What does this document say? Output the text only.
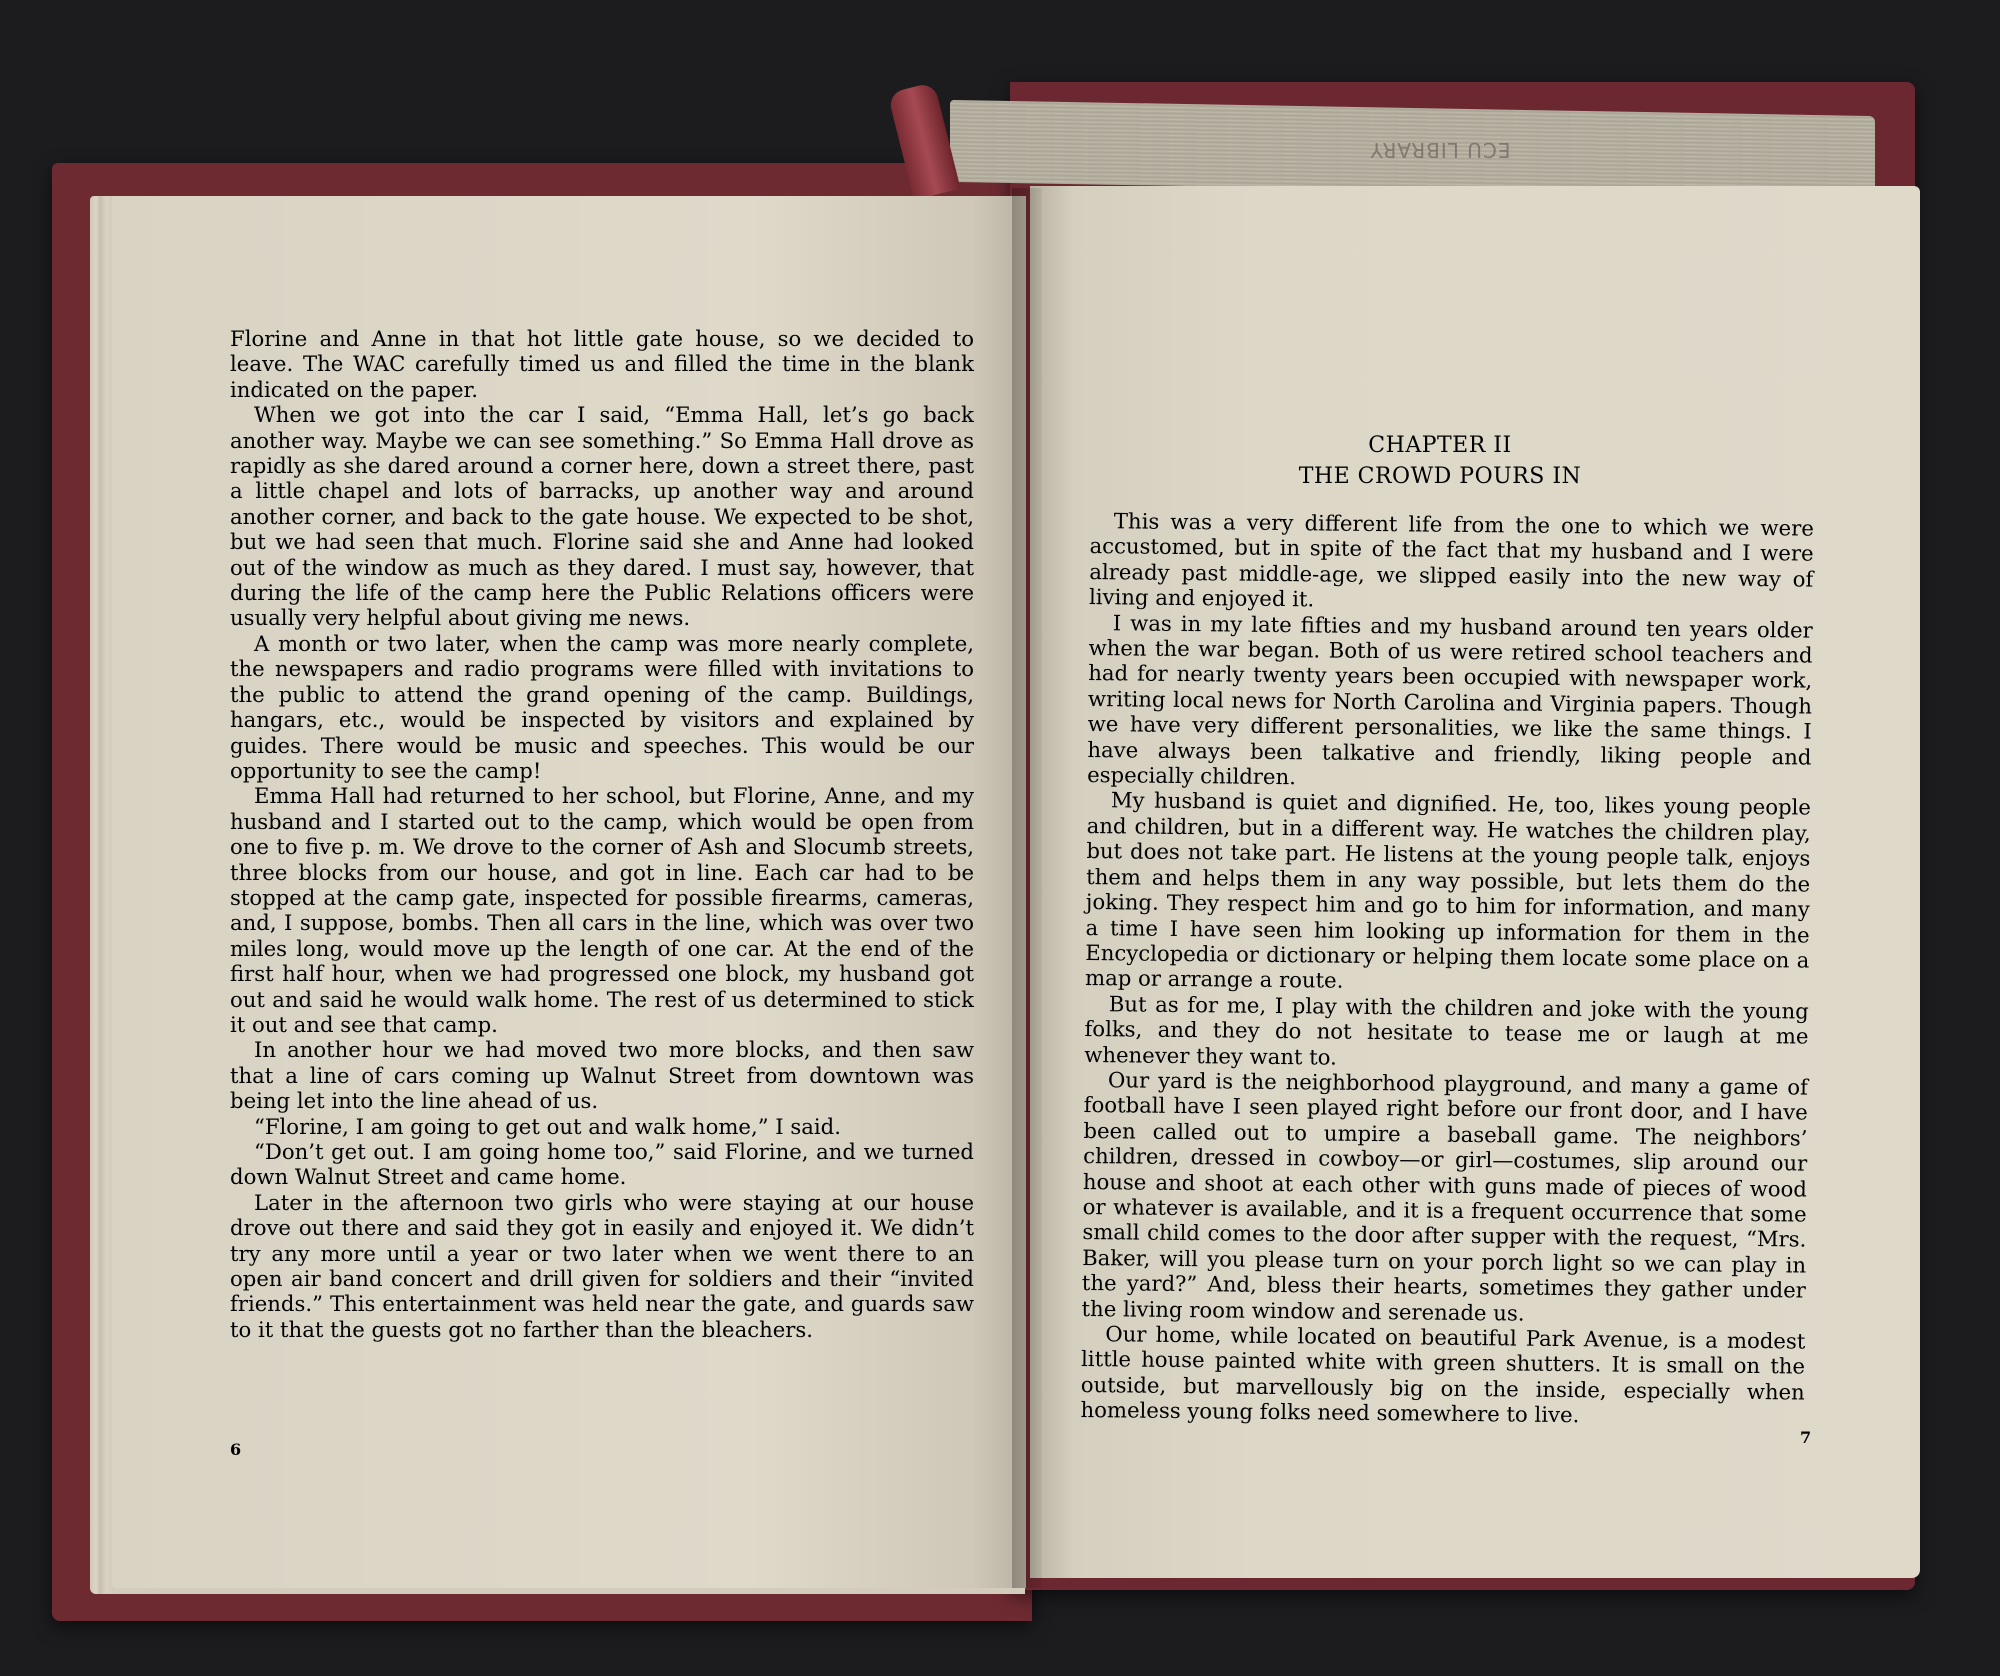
ECU LIBRARY

Florine and Anne in that hot little gate house, so we decided to leave. The WAC carefully timed us and filled the time in the blank indicated on the paper.

When we got into the car I said, “Emma Hall, let’s go back another way. Maybe we can see something.” So Emma Hall drove as rapidly as she dared around a corner here, down a street there, past a little chapel and lots of barracks, up another way and around another corner, and back to the gate house. We expected to be shot, but we had seen that much. Florine said she and Anne had looked out of the window as much as they dared. I must say, however, that during the life of the camp here the Public Relations officers were usually very helpful about giving me news.

A month or two later, when the camp was more nearly complete, the newspapers and radio programs were filled with invitations to the public to attend the grand opening of the camp. Buildings, hangars, etc., would be inspected by visitors and explained by guides. There would be music and speeches. This would be our opportunity to see the camp!

Emma Hall had returned to her school, but Florine, Anne, and my husband and I started out to the camp, which would be open from one to five p. m. We drove to the corner of Ash and Slocumb streets, three blocks from our house, and got in line. Each car had to be stopped at the camp gate, inspected for possible firearms, cameras, and, I suppose, bombs. Then all cars in the line, which was over two miles long, would move up the length of one car. At the end of the first half hour, when we had progressed one block, my husband got out and said he would walk home. The rest of us determined to stick it out and see that camp.

In another hour we had moved two more blocks, and then saw that a line of cars coming up Walnut Street from downtown was being let into the line ahead of us.

“Florine, I am going to get out and walk home,” I said.

“Don’t get out. I am going home too,” said Florine, and we turned down Walnut Street and came home.

Later in the afternoon two girls who were staying at our house drove out there and said they got in easily and enjoyed it. We didn’t try any more until a year or two later when we went there to an open air band concert and drill given for soldiers and their “invited friends.” This entertainment was held near the gate, and guards saw to it that the guests got no farther than the bleachers.

6
CHAPTER II
THE CROWD POURS IN

This was a very different life from the one to which we were accustomed, but in spite of the fact that my husband and I were already past middle-age, we slipped easily into the new way of living and enjoyed it.

I was in my late fifties and my husband around ten years older when the war began. Both of us were retired school teachers and had for nearly twenty years been occupied with newspaper work, writing local news for North Carolina and Virginia papers. Though we have very different personalities, we like the same things. I have always been talkative and friendly, liking people and especially children.

My husband is quiet and dignified. He, too, likes young people and children, but in a different way. He watches the children play, but does not take part. He listens at the young people talk, enjoys them and helps them in any way possible, but lets them do the joking. They respect him and go to him for information, and many a time I have seen him looking up information for them in the Encyclopedia or dictionary or helping them locate some place on a map or arrange a route.

But as for me, I play with the children and joke with the young folks, and they do not hesitate to tease me or laugh at me whenever they want to.

Our yard is the neighborhood playground, and many a game of football have I seen played right before our front door, and I have been called out to umpire a baseball game. The neighbors’ children, dressed in cowboy—or girl—costumes, slip around our house and shoot at each other with guns made of pieces of wood or whatever is available, and it is a frequent occurrence that some small child comes to the door after supper with the request, “Mrs. Baker, will you please turn on your porch light so we can play in the yard?” And, bless their hearts, sometimes they gather under the living room window and serenade us.

Our home, while located on beautiful Park Avenue, is a modest little house painted white with green shutters. It is small on the outside, but marvellously big on the inside, especially when homeless young folks need somewhere to live.

7
